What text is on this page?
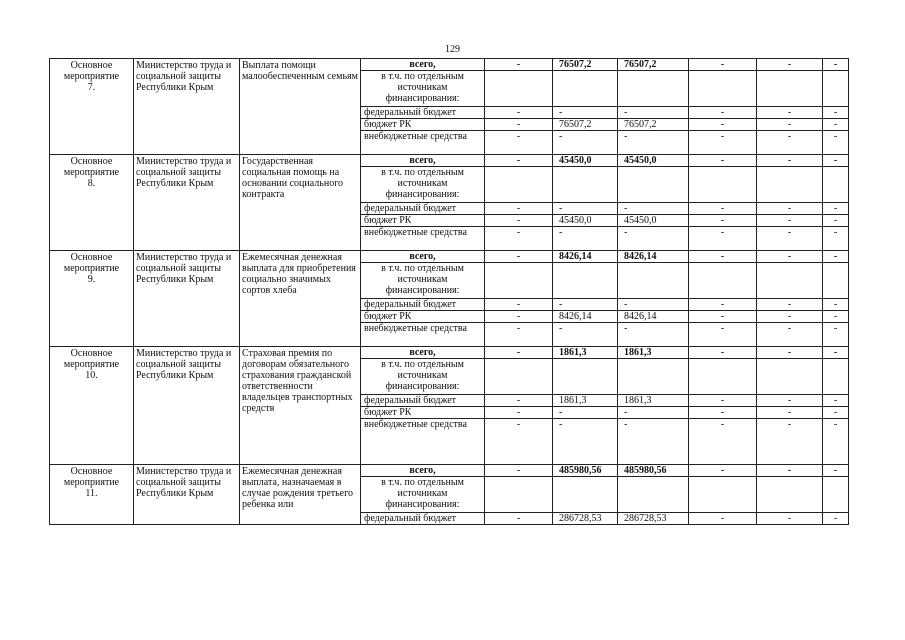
129
Основное
мероприятие
7.	Министерство труда и социальной защиты Республики Крым	Выплата помощи малообеспеченным семьям	всего,	-	76507,2	76507,2	-	-	-
			в т.ч. по отдельным источникам финансирования:						
			федеральный бюджет	-	-	-	-	-	-
			бюджет РК	-	76507,2	76507,2	-	-	-
			внебюджетные средства	-	-	-	-	-	-

Основное
мероприятие
8.	Министерство труда и социальной защиты Республики Крым	Государственная социальная помощь на основании социального контракта	всего,	-	45450,0	45450,0	-	-	-
			в т.ч. по отдельным источникам финансирования:						
			федеральный бюджет	-	-	-	-	-	-
			бюджет РК	-	45450,0	45450,0	-	-	-
			внебюджетные средства	-	-	-	-	-	-

Основное
мероприятие
9.	Министерство труда и социальной защиты Республики Крым	Ежемесячная денежная выплата для приобретения социально значимых сортов хлеба	всего,	-	8426,14	8426,14	-	-	-
			в т.ч. по отдельным источникам финансирования:						
			федеральный бюджет	-	-	-	-	-	-
			бюджет РК	-	8426,14	8426,14	-	-	-
			внебюджетные средства	-	-	-	-	-	-

Основное
мероприятие
10.	Министерство труда и социальной защиты Республики Крым	Страховая премия по договорам обязательного страхования гражданской ответственности владельцев транспортных средств	всего,	-	1861,3	1861,3	-	-	-
			в т.ч. по отдельным источникам финансирования:						
			федеральный бюджет	-	1861,3	1861,3	-	-	-
			бюджет РК	-	-	-	-	-	-
			внебюджетные средства	-	-	-	-	-	-

Основное
мероприятие
11.	Министерство труда и социальной защиты Республики Крым	Ежемесячная денежная выплата, назначаемая в случае рождения третьего ребенка или	всего,	-	485980,56	485980,56	-	-	-
			в т.ч. по отдельным источникам финансирования:						
			федеральный бюджет	-	286728,53	286728,53	-	-	-
